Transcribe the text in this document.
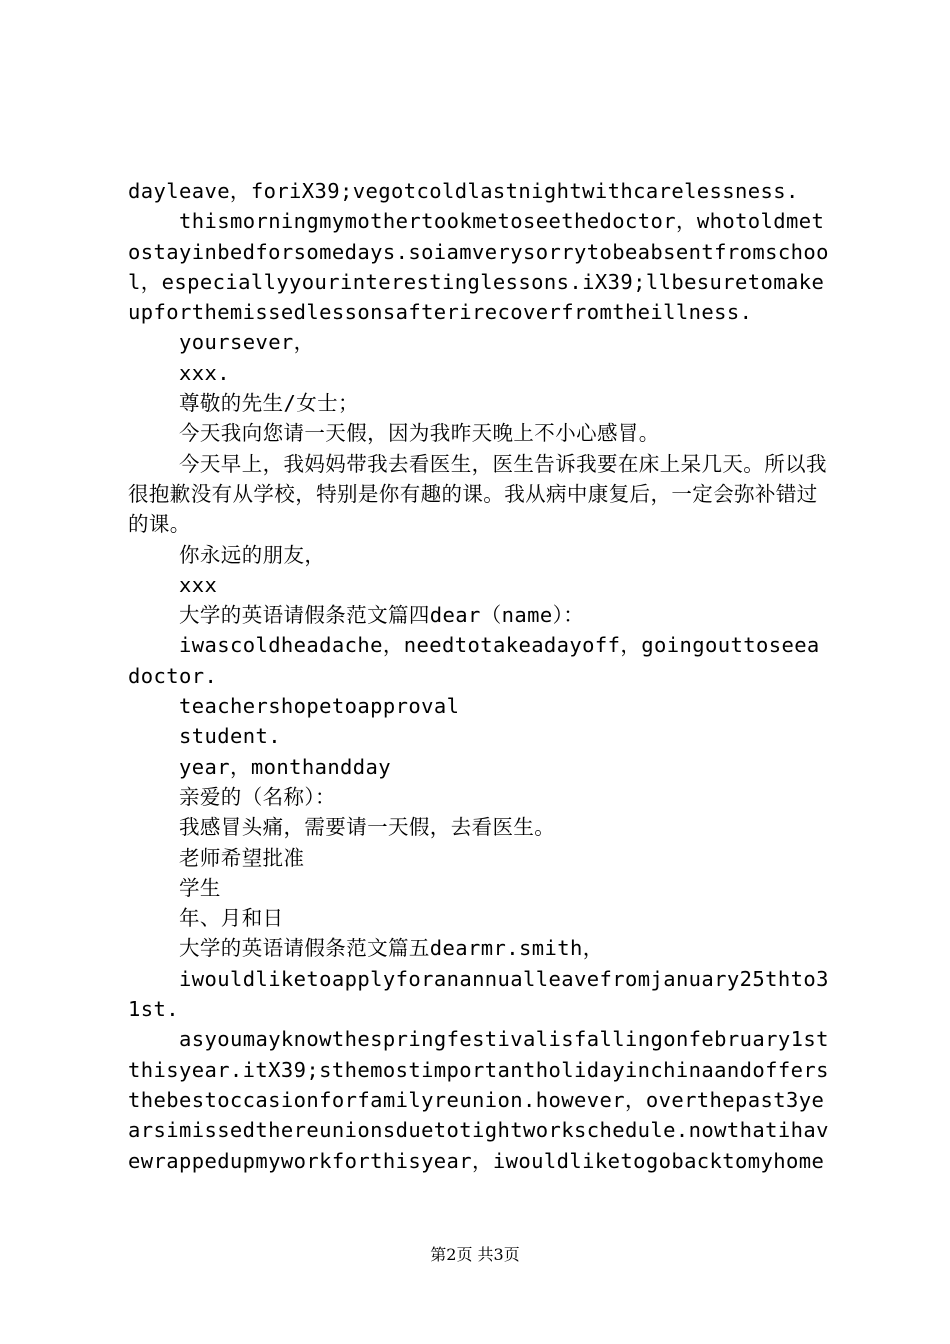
dayleave，foriX39;vegotcoldlastnightwithcarelessness.

thismorningmymothertookmetoseethedoctor，whotoldmetostayinbedforsomedays.soiamverysorrytobeabsentfromschool，especiallyyourinterestinglessons.iX39;llbesuretomakeupforthemissedlessonsafterirecoverfromtheillness.

yoursever，

xxx.

尊敬的先生/女士；

今天我向您请一天假，因为我昨天晚上不小心感冒。

今天早上，我妈妈带我去看医生，医生告诉我要在床上呆几天。所以我很抱歉没有从学校，特别是你有趣的课。我从病中康复后，一定会弥补错过的课。

你永远的朋友，

xxx

大学的英语请假条范文篇四dear（name）：

iwascoldheadache，needtotakeadayoff，goingouttoseeadoctor.

teachershopetoapproval

student.

year，monthandday

亲爱的（名称）：

我感冒头痛，需要请一天假，去看医生。

老师希望批准

学生

年、月和日

大学的英语请假条范文篇五dearmr.smith，

iwouldliketoapplyforanannualleavefromjanuary25thto31st.

asyoumayknowthespringfestivalisfallingonfebruary1stthisyear.itX39;sthemostimportantholidayinchinaandoffersthebestoccasionforfamilyreunion.however，overthepast3yearsimissedthereunionsduetotightworkschedule.nowthatihavewrappedupmyworkforthisyear，iwouldliketogobacktomyhome

第2页 共3页
